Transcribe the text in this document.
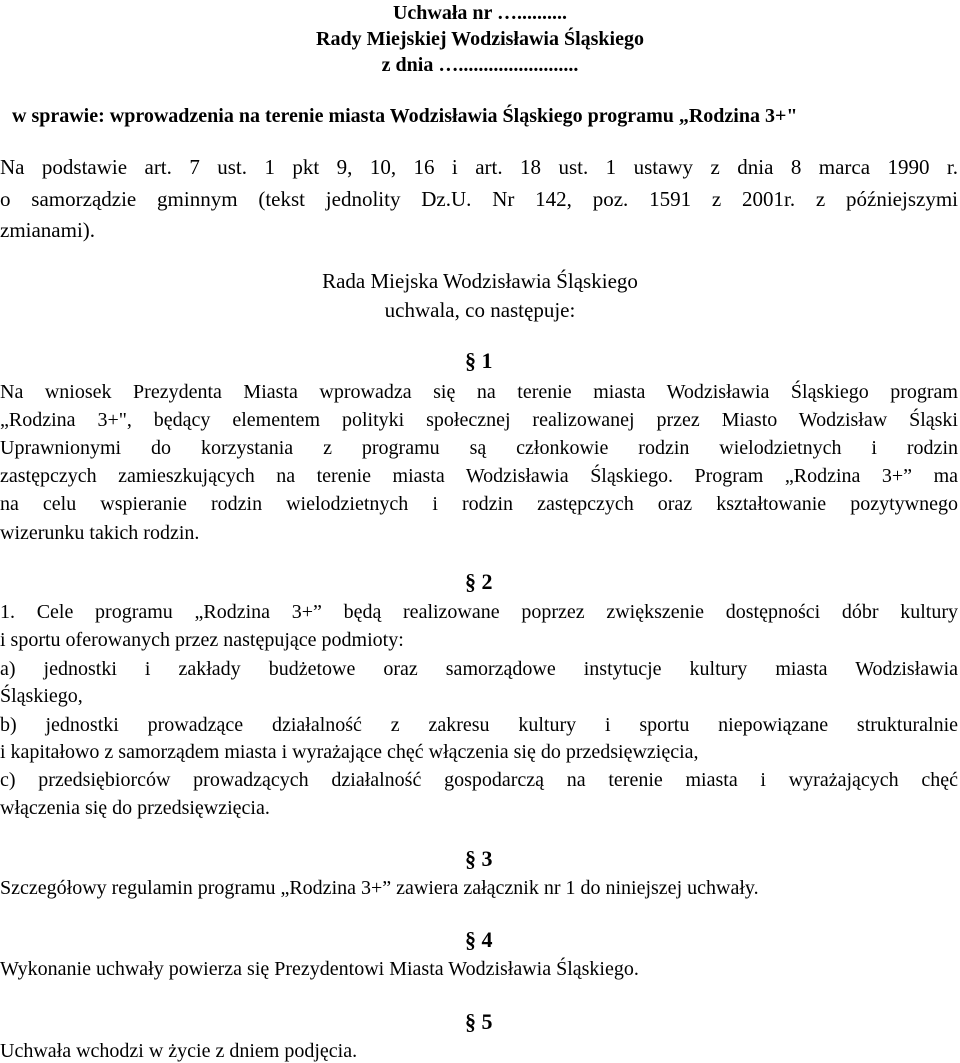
Uchwała nr …..........

Rady Miejskiej Wodzisławia Śląskiego

z dnia …........................

w sprawie: wprowadzenia na terenie miasta Wodzisławia Śląskiego programu „Rodzina 3+"

Na podstawie art. 7 ust. 1 pkt 9, 10, 16 i art. 18 ust. 1 ustawy z dnia 8 marca 1990 r.

o samorządzie gminnym (tekst jednolity Dz.U. Nr 142, poz. 1591 z 2001r. z późniejszymi

zmianami).

Rada Miejska Wodzisławia Śląskiego

uchwala, co następuje:

§ 1

Na wniosek Prezydenta Miasta wprowadza się na terenie miasta Wodzisławia Śląskiego program

„Rodzina 3+", będący elementem polityki społecznej realizowanej przez Miasto Wodzisław Śląski

Uprawnionymi do korzystania z programu są członkowie rodzin wielodzietnych i rodzin

zastępczych zamieszkujących na terenie miasta Wodzisławia Śląskiego. Program „Rodzina 3+” ma

na celu wspieranie rodzin wielodzietnych i rodzin zastępczych oraz kształtowanie pozytywnego

wizerunku takich rodzin.

§ 2

1. Cele programu „Rodzina 3+” będą realizowane poprzez zwiększenie dostępności dóbr kultury

i sportu oferowanych przez następujące podmioty:

a) jednostki i zakłady budżetowe oraz samorządowe instytucje kultury miasta Wodzisławia

Śląskiego,

b) jednostki prowadzące działalność z zakresu kultury i sportu niepowiązane strukturalnie

i kapitałowo z samorządem miasta i wyrażające chęć włączenia się do przedsięwzięcia,

c) przedsiębiorców prowadzących działalność gospodarczą na terenie miasta i wyrażających chęć

włączenia się do przedsięwzięcia.

§ 3

Szczegółowy regulamin programu „Rodzina 3+” zawiera załącznik nr 1 do niniejszej uchwały.

§ 4

Wykonanie uchwały powierza się Prezydentowi Miasta Wodzisławia Śląskiego.

§ 5

Uchwała wchodzi w życie z dniem podjęcia.
